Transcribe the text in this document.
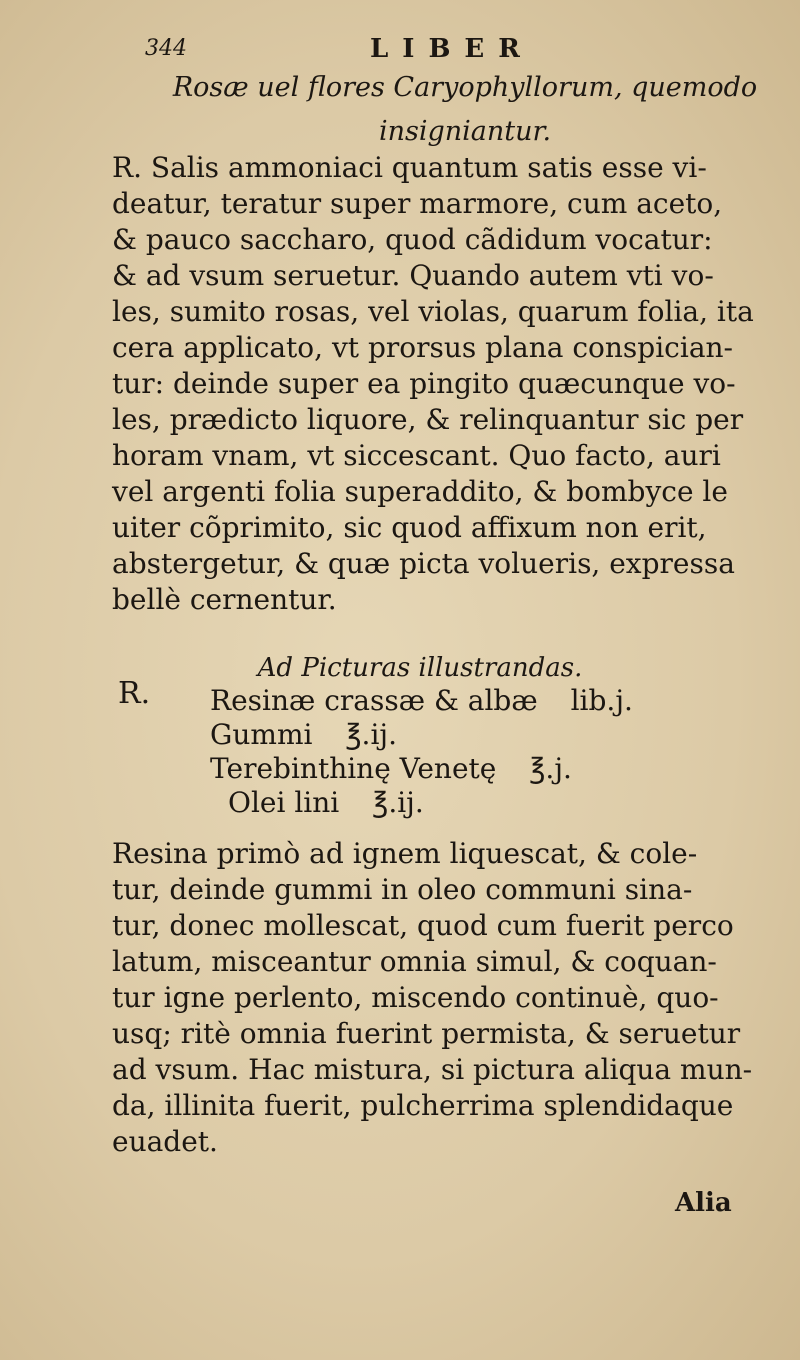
344	LIBER
Rosæ uel flores Caryophyllorum, quemodo
insigniantur.
R. Salis ammoniaci quantum satis esse vi-
deatur, teratur super marmore, cum aceto,
& pauco saccharo, quod cãdidum vocatur:
& ad vsum seruetur. Quando autem vti vo-
les, sumito rosas, vel violas, quarum folia, ita
cera applicato, vt prorsus plana conspician-
tur: deinde super ea pingito quæcunque vo-
les, prædicto liquore, & relinquantur sic per
horam vnam, vt siccescant. Quo facto, auri
vel argenti folia superaddito, & bombyce le
uiter cõprimito, sic quod affixum non erit,
abstergetur, & quæ picta volueris, expressa
bellè cernentur.
Ad Picturas illustrandas.
R. Resinæ crassæ & albæ lib.j.
Gummi ℥.ij.
Terebinthinę Venetę ℥.j.
Olei lini ℥.ij.
Resina primò ad ignem liquescat, & cole-
tur, deinde gummi in oleo communi sina-
tur, donec mollescat, quod cum fuerit perco
latum, misceantur omnia simul, & coquan-
tur igne perlento, miscendo continuè, quo-
usq; ritè omnia fuerint permista, & seruetur
ad vsum. Hac mistura, si pictura aliqua mun-
da, illinita fuerit, pulcherrima splendidaque
euadet.
Alia
